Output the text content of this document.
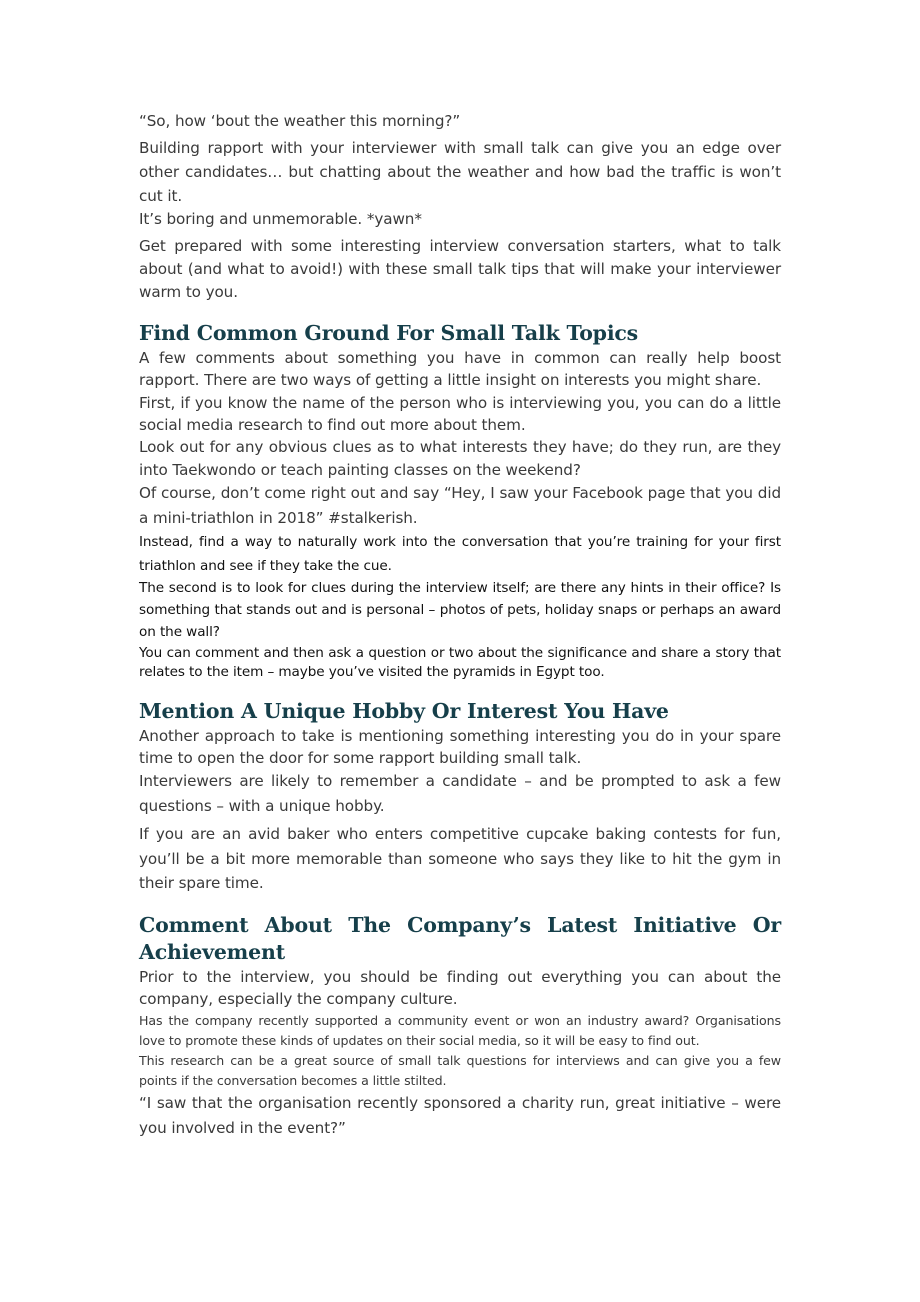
“So, how ‘bout the weather this morning?”

Building rapport with your interviewer with small talk can give you an edge over other candidates… but chatting about the weather and how bad the traffic is won’t cut it.

It’s boring and unmemorable. *yawn*

Get prepared with some interesting interview conversation starters, what to talk about (and what to avoid!) with these small talk tips that will make your interviewer warm to you.

Find Common Ground For Small Talk Topics

A few comments about something you have in common can really help boost rapport. There are two ways of getting a little insight on interests you might share.

First, if you know the name of the person who is interviewing you, you can do a little social media research to find out more about them.

Look out for any obvious clues as to what interests they have; do they run, are they into Taekwondo or teach painting classes on the weekend?

Of course, don’t come right out and say “Hey, I saw your Facebook page that you did a mini-triathlon in 2018” #stalkerish.

Instead, find a way to naturally work into the conversation that you’re training for your first triathlon and see if they take the cue.

The second is to look for clues during the interview itself; are there any hints in their office? Is something that stands out and is personal – photos of pets, holiday snaps or perhaps an award on the wall?

You can comment and then ask a question or two about the significance and share a story that relates to the item – maybe you’ve visited the pyramids in Egypt too.

Mention A Unique Hobby Or Interest You Have

Another approach to take is mentioning something interesting you do in your spare time to open the door for some rapport building small talk.

Interviewers are likely to remember a candidate – and be prompted to ask a few questions – with a unique hobby.

If you are an avid baker who enters competitive cupcake baking contests for fun, you’ll be a bit more memorable than someone who says they like to hit the gym in their spare time.

Comment About The Company’s Latest Initiative Or Achievement

Prior to the interview, you should be finding out everything you can about the company, especially the company culture.

Has the company recently supported a community event or won an industry award? Organisations love to promote these kinds of updates on their social media, so it will be easy to find out.

This research can be a great source of small talk questions for interviews and can give you a few points if the conversation becomes a little stilted.

“I saw that the organisation recently sponsored a charity run, great initiative – were you involved in the event?”
